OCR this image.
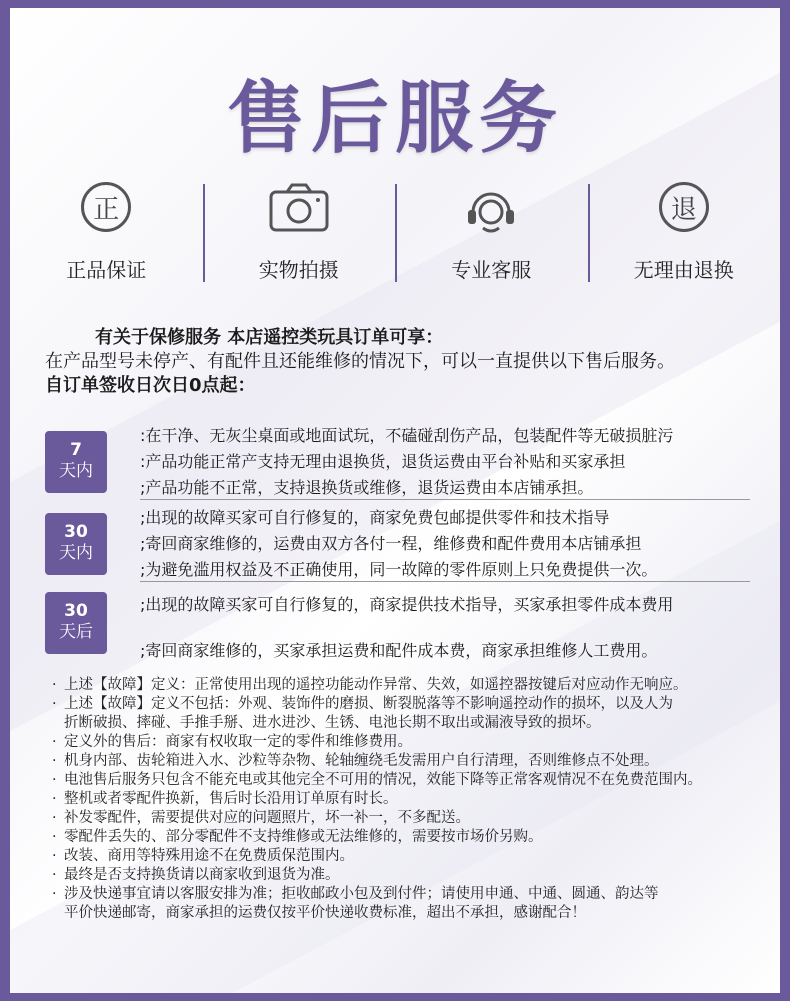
售后服务
正
正品保证	实物拍摄	专业客服
退
无理由退换
有关于保修服务 本店遥控类玩具订单可享：
在产品型号未停产、有配件且还能维修的情况下，可以一直提供以下售后服务。
自订单签收日次日0点起：
7
天内
:在干净、无灰尘桌面或地面试玩，不磕碰刮伤产品，包装配件等无破损脏污
:产品功能正常产支持无理由退换货，退货运费由平台补贴和买家承担
;产品功能不正常，支持退换货或维修，退货运费由本店铺承担。
30
天内
;出现的故障买家可自行修复的，商家免费包邮提供零件和技术指导
;寄回商家维修的，运费由双方各付一程，维修费和配件费用本店铺承担
;为避免滥用权益及不正确使用，同一故障的零件原则上只免费提供一次。
30
天后
;出现的故障买家可自行修复的，商家提供技术指导，买家承担零件成本费用
;寄回商家维修的，买家承担运费和配件成本费，商家承担维修人工费用。
· 上述【故障】定义：正常使用出现的遥控功能动作异常、失效，如遥控器按键后对应动作无响应。
· 上述【故障】定义不包括：外观、装饰件的磨损、断裂脱落等不影响遥控动作的损坏，以及人为
折断破损、摔碰、手推手掰、进水进沙、生锈、电池长期不取出或漏液导致的损坏。
· 定义外的售后：商家有权收取一定的零件和维修费用。
· 机身内部、齿轮箱进入水、沙粒等杂物、轮轴缠绕毛发需用户自行清理，否则维修点不处理。
· 电池售后服务只包含不能充电或其他完全不可用的情况，效能下降等正常客观情况不在免费范围内。
· 整机或者零配件换新，售后时长沿用订单原有时长。
· 补发零配件，需要提供对应的问题照片，坏一补一，不多配送。
· 零配件丢失的、部分零配件不支持维修或无法维修的，需要按市场价另购。
· 改装、商用等特殊用途不在免费质保范围内。
· 最终是否支持换货请以商家收到退货为准。
· 涉及快递事宜请以客服安排为准；拒收邮政小包及到付件；请使用申通、中通、圆通、韵达等
平价快递邮寄，商家承担的运费仅按平价快递收费标准，超出不承担，感谢配合！
